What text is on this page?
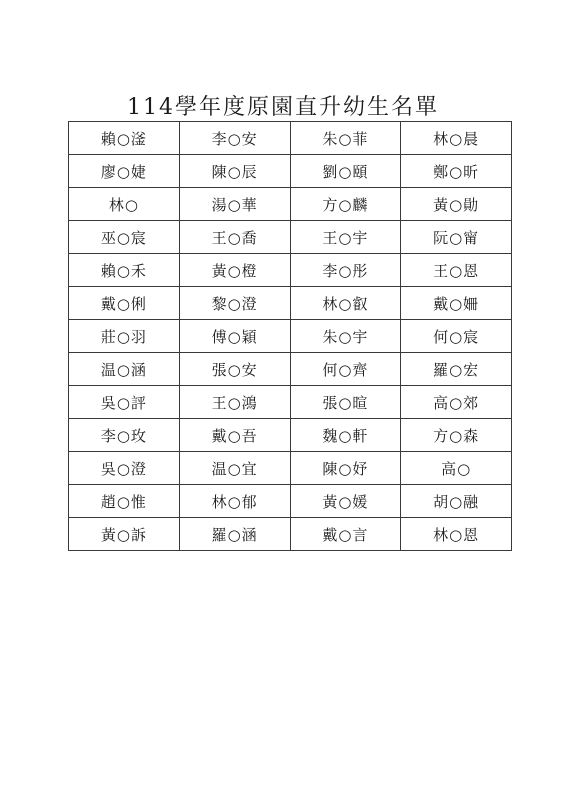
114學年度原園直升幼生名單
賴○滏	李○安	朱○菲	林○晨
廖○婕	陳○辰	劉○頤	鄭○昕
林○	湯○華	方○麟	黃○勛
巫○宸	王○喬	王○宇	阮○甯
賴○禾	黃○橙	李○彤	王○恩
戴○俐	黎○澄	林○叡	戴○姍
莊○羽	傅○穎	朱○宇	何○宸
温○涵	張○安	何○齊	羅○宏
吳○評	王○鴻	張○暄	高○郊
李○玫	戴○吾	魏○軒	方○森
吳○澄	温○宜	陳○妤	高○
趙○惟	林○郁	黃○媛	胡○融
黃○訴	羅○涵	戴○言	林○恩
